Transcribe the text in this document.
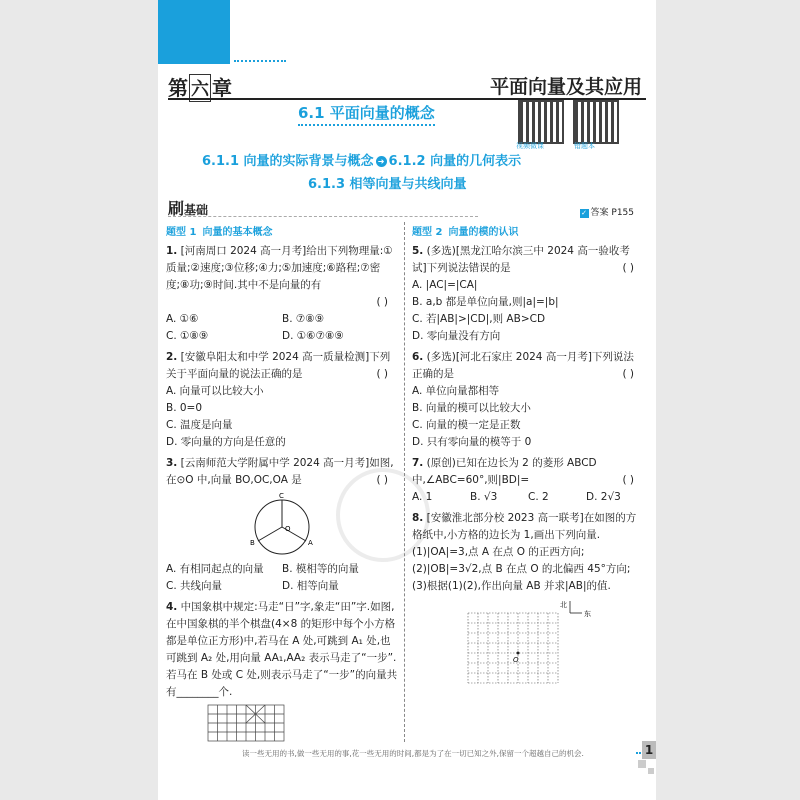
第 六 章	平面向量及其应用
6.1 平面向量的概念
视频微课	错题本
6.1.1 向量的实际背景与概念 ➜ 6.1.2 向量的几何表示
6.1.3 相等向量与共线向量
刷基础	✓ 答案 P155
题型 1 向量的基本概念
1. [河南周口 2024 高一月考]给出下列物理量:①质量;②速度;③位移;④力;⑤加速度;⑥路程;⑦密度;⑧功;⑨时间.其中不是向量的有
( )

A. ①⑥	B. ⑦⑧⑨
C. ①⑧⑨	D. ①⑥⑦⑧⑨
2. [安徽阜阳太和中学 2024 高一质量检测]下列关于平面向量的说法正确的是	( )
A. 向量可以比较大小
B. 0=0
C. 温度是向量
D. 零向量的方向是任意的
3. [云南师范大学附属中学 2024 高一月考]如图,在⊙O 中,向量 BO,OC,OA 是	( )
C
B	A
O
A. 有相同起点的向量	B. 模相等的向量
C. 共线向量	D. 相等向量
4. 中国象棋中规定:马走“日”字,象走“田”字.如图,在中国象棋的半个棋盘(4×8 的矩形中每个小方格都是单位正方形)中,若马在 A 处,可跳到 A₁ 处,也可跳到 A₂ 处,用向量 AA₁,AA₂ 表示马走了“一步”.若马在 B 处或 C 处,则表示马走了“一步”的向量共有________个.
题型 2 向量的模的认识
5. (多选)[黑龙江哈尔滨三中 2024 高一验收考试]下列说法错误的是	( )
A. |AC|=|CA|
B. a,b 都是单位向量,则|a|=|b|
C. 若|AB|>|CD|,则 AB>CD
D. 零向量没有方向
6. (多选)[河北石家庄 2024 高一月考]下列说法正确的是	( )
A. 单位向量都相等
B. 向量的模可以比较大小
C. 向量的模一定是正数
D. 只有零向量的模等于 0
7. (原创)已知在边长为 2 的菱形 ABCD 中,∠ABC=60°,则|BD|=	( )
A. 1	B. √3	C. 2	D. 2√3
8. [安徽淮北部分校 2023 高一联考]在如图的方格纸中,小方格的边长为 1,画出下列向量.
(1)|OA|=3,点 A 在点 O 的正西方向;
(2)|OB|=3√2,点 B 在点 O 的北偏西 45°方向;
(3)根据(1)(2),作出向量 AB 并求|AB|的值.
O
北
东
读一些无用的书,做一些无用的事,花一些无用的时间,都是为了在一切已知之外,保留一个超越自己的机会.	1
